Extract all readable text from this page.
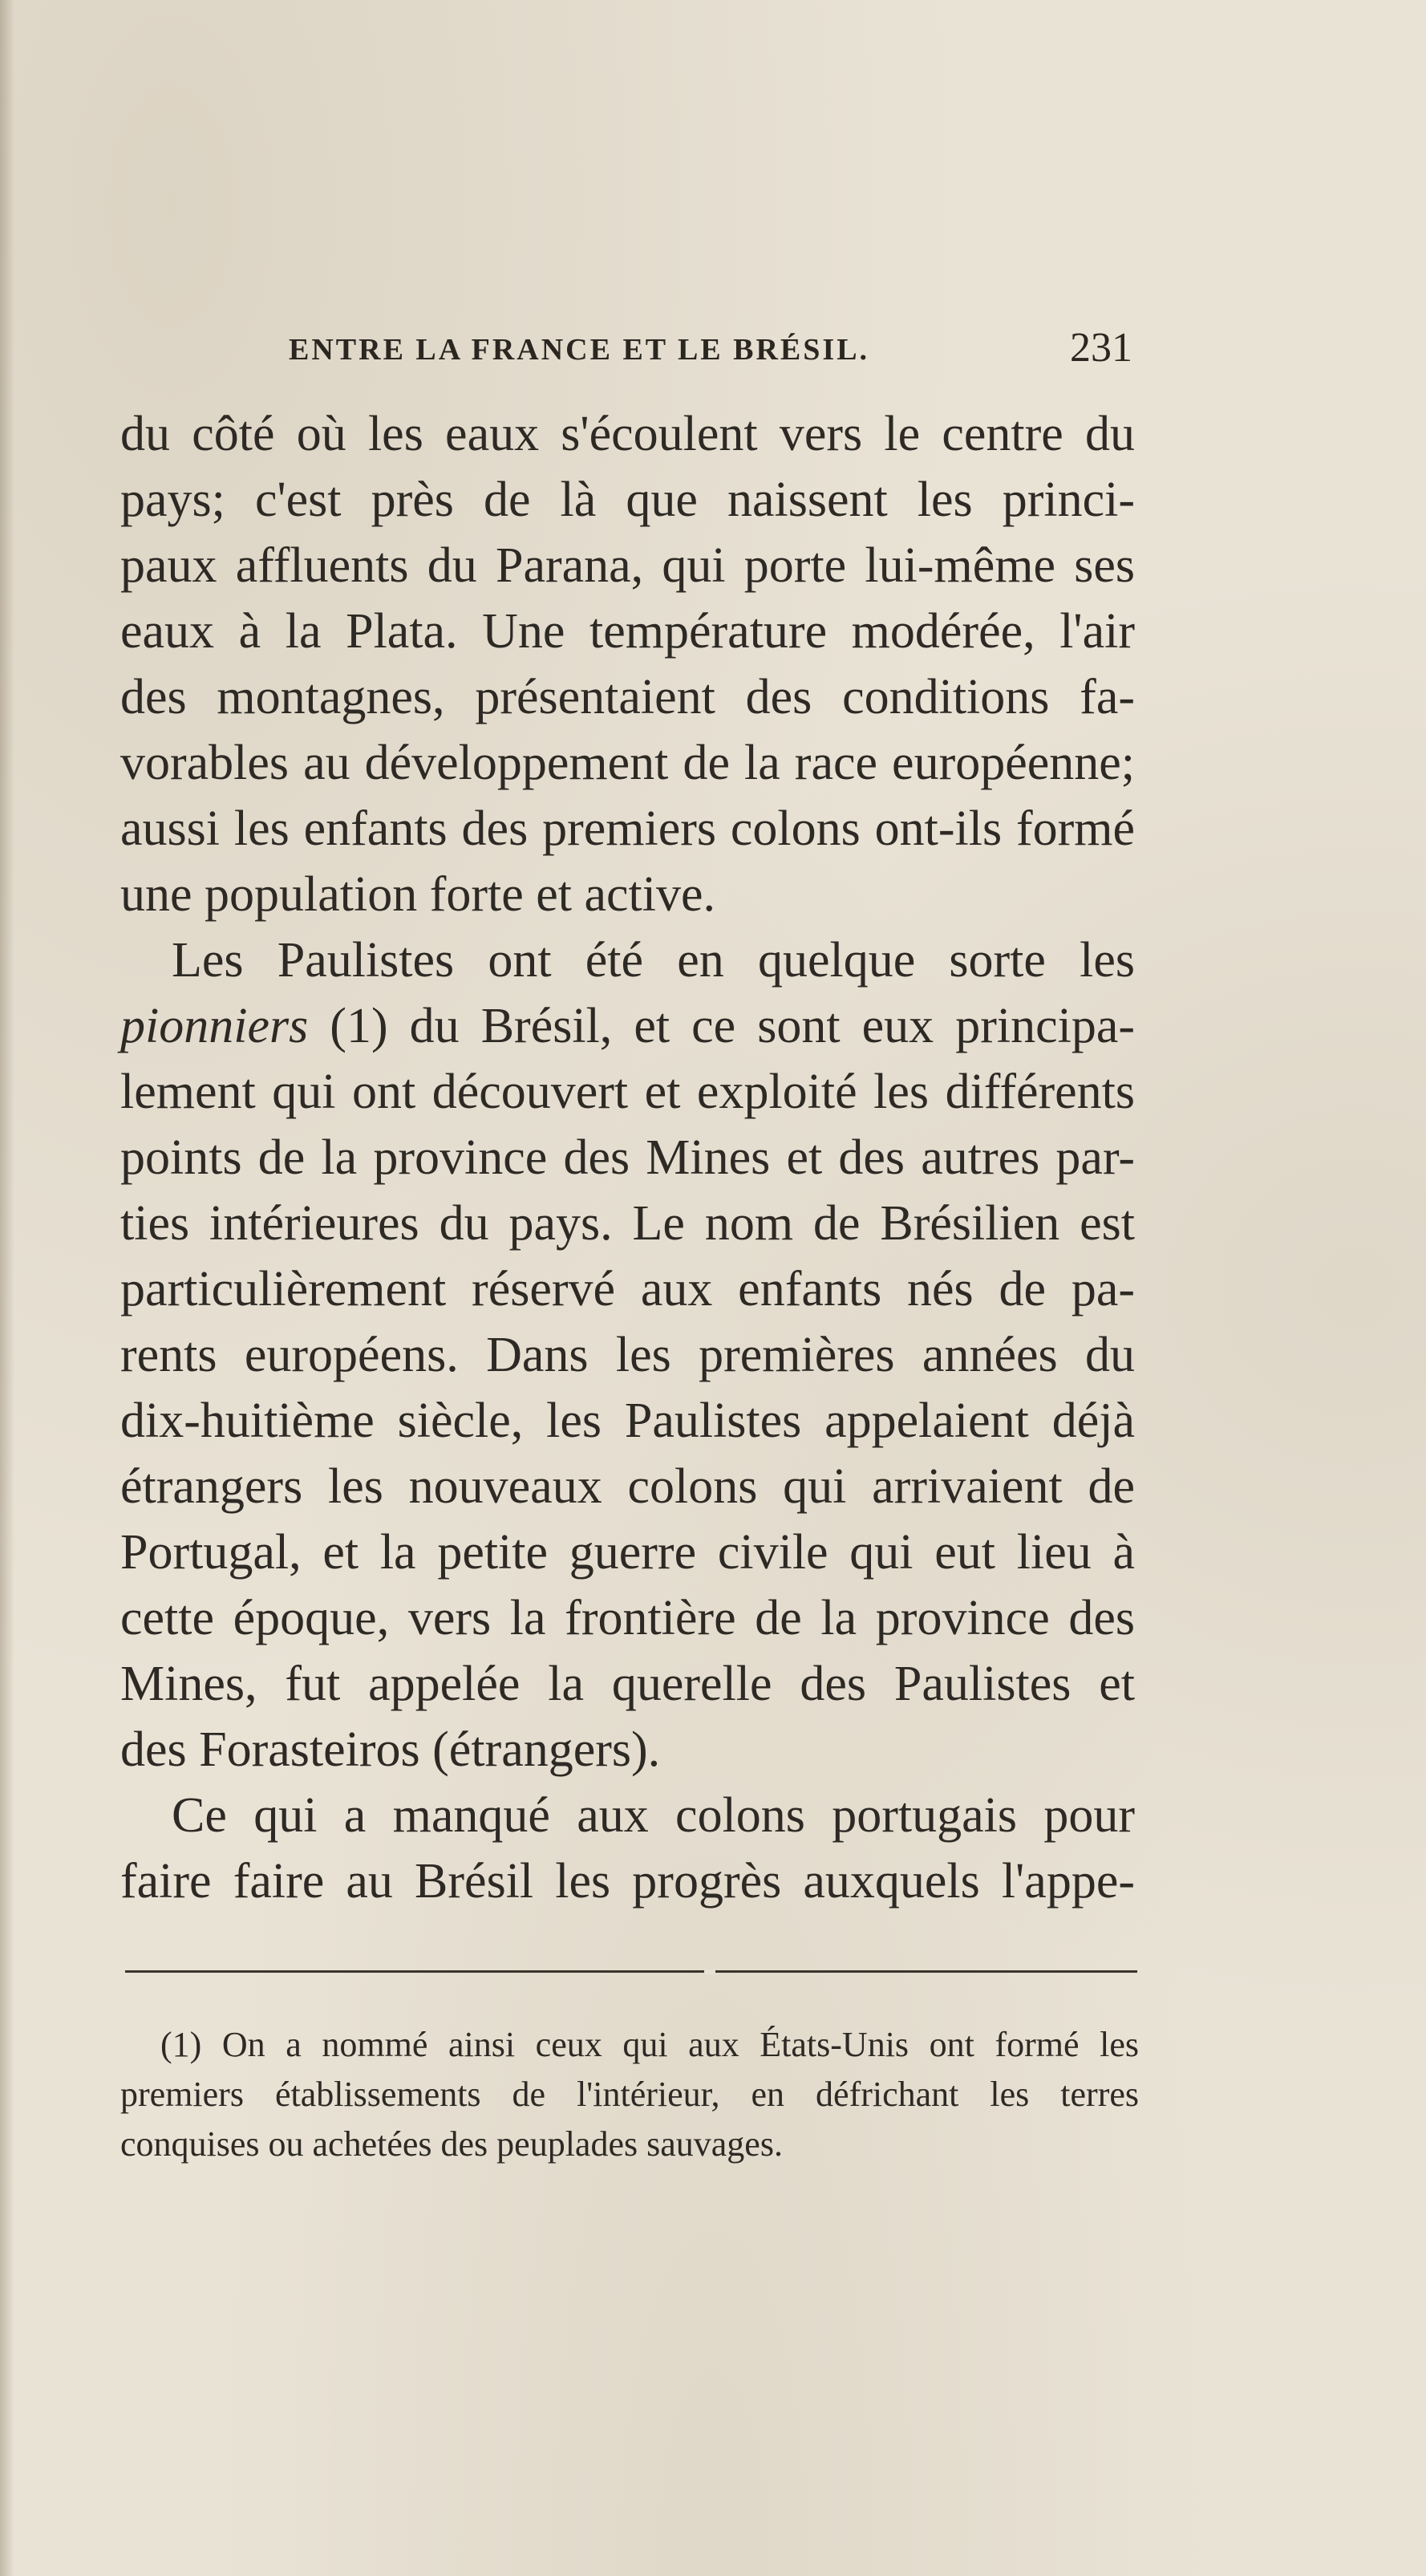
ENTRE LA FRANCE ET LE BRÉSIL.	231
du côté où les eaux s'écoulent vers le centre du
pays; c'est près de là que naissent les princi-
paux affluents du Parana, qui porte lui-même ses
eaux à la Plata. Une température modérée, l'air
des montagnes, présentaient des conditions fa-
vorables au développement de la race européenne;
aussi les enfants des premiers colons ont-ils formé
une population forte et active.
Les Paulistes ont été en quelque sorte les
pionniers (1) du Brésil, et ce sont eux principa-
lement qui ont découvert et exploité les différents
points de la province des Mines et des autres par-
ties intérieures du pays. Le nom de Brésilien est
particulièrement réservé aux enfants nés de pa-
rents européens. Dans les premières années du
dix-huitième siècle, les Paulistes appelaient déjà
étrangers les nouveaux colons qui arrivaient de
Portugal, et la petite guerre civile qui eut lieu à
cette époque, vers la frontière de la province des
Mines, fut appelée la querelle des Paulistes et
des Forasteiros (étrangers).
Ce qui a manqué aux colons portugais pour
faire faire au Brésil les progrès auxquels l'appe-
(1) On a nommé ainsi ceux qui aux États-Unis ont formé les
premiers établissements de l'intérieur, en défrichant les terres
conquises ou achetées des peuplades sauvages.
